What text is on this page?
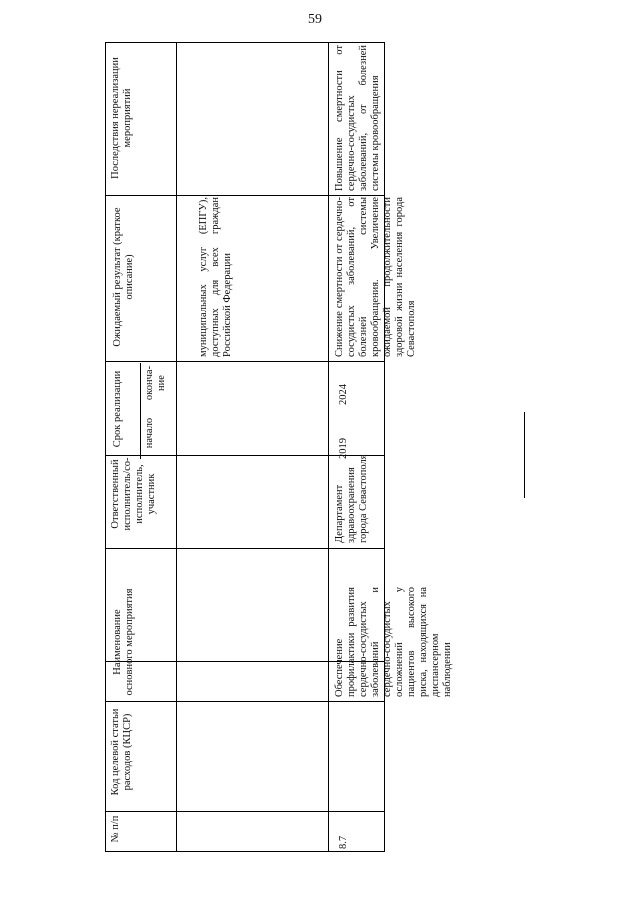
59
№ п/п
Код целевой статьи расходов (КЦСР)
Наименование основного мероприятия
Ответственный исполнитель/со-исполнитель, участник
Срок реализации начало
оконча-ние
Ожидаемый результат (краткое описание)
Последствия нереализации мероприятий
муниципальных услуг (ЕПГУ), доступных для всех граждан Российской Федерации
8.7
Обеспечение профилактики развития сердечно-сосудистых заболеваний и сердечно-сосудистых осложнений у пациентов высокого риска, находящихся на диспансерном наблюдении
Департамент здравоохранения города Севастополя
2019
2024
Снижение смертности от сердечно-сосудистых заболеваний, от болезней системы кровообращения. Увеличение ожидаемой продолжительности здоровой жизни населения города Севастополя
Повышение смертности от сердечно-сосудистых заболеваний, от болезней системы кровообращения
